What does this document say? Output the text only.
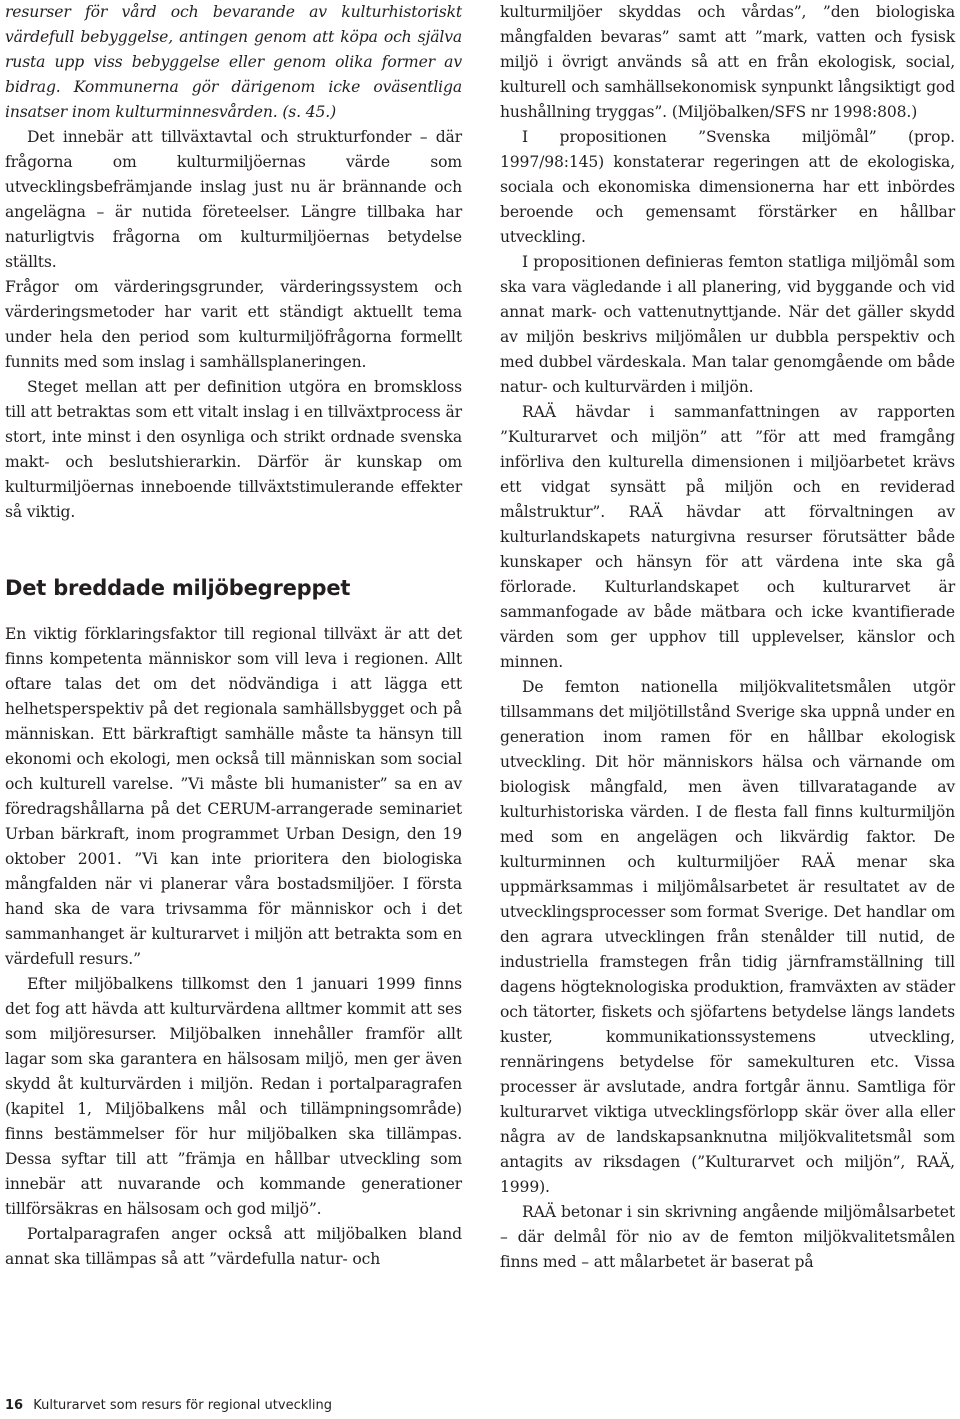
resurser för vård och bevarande av kulturhistoriskt värdefull bebyggelse, antingen genom att köpa och själva rusta upp viss bebyggelse eller genom olika former av bidrag. Kommunerna gör därigenom icke oväsentliga insatser inom kulturminnesvården. (s. 45.)

Det innebär att tillväxtavtal och strukturfonder – där frågorna om kulturmiljöernas värde som utvecklingsbefrämjande inslag just nu är brännande och angelägna – är nutida företeelser. Längre tillbaka har naturligtvis frågorna om kulturmiljöernas betydelse ställts.

Frågor om värderingsgrunder, värderingssystem och värderingsmetoder har varit ett ständigt aktuellt tema under hela den period som kulturmiljöfrågorna formellt funnits med som inslag i samhällsplaneringen.

Steget mellan att per definition utgöra en bromskloss till att betraktas som ett vitalt inslag i en tillväxtprocess är stort, inte minst i den osynliga och strikt ordnade svenska makt- och beslutshierarkin. Därför är kunskap om kulturmiljöernas inneboende tillväxtstimulerande effekter så viktig.

Det breddade miljöbegreppet

En viktig förklaringsfaktor till regional tillväxt är att det finns kompetenta människor som vill leva i regionen. Allt oftare talas det om det nödvändiga i att lägga ett helhetsperspektiv på det regionala samhällsbygget och på människan. Ett bärkraftigt samhälle måste ta hänsyn till ekonomi och ekologi, men också till människan som social och kulturell varelse. ”Vi måste bli humanister” sa en av föredragshållarna på det CERUM-arrangerade seminariet Urban bärkraft, inom programmet Urban Design, den 19 oktober 2001. ”Vi kan inte prioritera den biologiska mångfalden när vi planerar våra bostadsmiljöer. I första hand ska de vara trivsamma för människor och i det sammanhanget är kulturarvet i miljön att betrakta som en värdefull resurs.”

Efter miljöbalkens tillkomst den 1 januari 1999 finns det fog att hävda att kulturvärdena alltmer kommit att ses som miljöresurser. Miljöbalken innehåller framför allt lagar som ska garantera en hälsosam miljö, men ger även skydd åt kulturvärden i miljön. Redan i portalparagrafen (kapitel 1, Miljöbalkens mål och tillämpningsområde) finns bestämmelser för hur miljöbalken ska tillämpas. Dessa syftar till att ”främja en hållbar utveckling som innebär att nuvarande och kommande generationer tillförsäkras en hälsosam och god miljö”.

Portalparagrafen anger också att miljöbalken bland annat ska tillämpas så att ”värdefulla natur- och

kulturmiljöer skyddas och vårdas”, ”den biologiska mångfalden bevaras” samt att ”mark, vatten och fysisk miljö i övrigt används så att en från ekologisk, social, kulturell och samhällsekonomisk synpunkt långsiktigt god hushållning tryggas”. (Miljöbalken/SFS nr 1998:808.)

I propositionen ”Svenska miljömål” (prop. 1997/98:145) konstaterar regeringen att de ekologiska, sociala och ekonomiska dimensionerna har ett inbördes beroende och gemensamt förstärker en hållbar utveckling.

I propositionen definieras femton statliga miljömål som ska vara vägledande i all planering, vid byggande och vid annat mark- och vattenutnyttjande. När det gäller skydd av miljön beskrivs miljömålen ur dubbla perspektiv och med dubbel värdeskala. Man talar genomgående om både natur- och kulturvärden i miljön.

RAÄ hävdar i sammanfattningen av rapporten ”Kulturarvet och miljön” att ”för att med framgång införliva den kulturella dimensionen i miljöarbetet krävs ett vidgat synsätt på miljön och en reviderad målstruktur”. RAÄ hävdar att förvaltningen av kulturlandskapets naturgivna resurser förutsätter både kunskaper och hänsyn för att värdena inte ska gå förlorade. Kulturlandskapet och kulturarvet är sammanfogade av både mätbara och icke kvantifierade värden som ger upphov till upplevelser, känslor och minnen.

De femton nationella miljökvalitetsmålen utgör tillsammans det miljötillstånd Sverige ska uppnå under en generation inom ramen för en hållbar ekologisk utveckling. Dit hör människors hälsa och värnande om biologisk mångfald, men även tillvaratagande av kulturhistoriska värden. I de flesta fall finns kulturmiljön med som en angelägen och likvärdig faktor. De kulturminnen och kulturmiljöer RAÄ menar ska uppmärksammas i miljömålsarbetet är resultatet av de utvecklingsprocesser som format Sverige. Det handlar om den agrara utvecklingen från stenålder till nutid, de industriella framstegen från tidig järnframställning till dagens högteknologiska produktion, framväxten av städer och tätorter, fiskets och sjöfartens betydelse längs landets kuster, kommunikationssystemens utveckling, rennäringens betydelse för samekulturen etc. Vissa processer är avslutade, andra fortgår ännu. Samtliga för kulturarvet viktiga utvecklingsförlopp skär över alla eller några av de landskapsanknutna miljökvalitetsmål som antagits av riksdagen (”Kulturarvet och miljön”, RAÄ, 1999).

RAÄ betonar i sin skrivning angående miljömålsarbetet – där delmål för nio av de femton miljökvalitetsmålen finns med – att målarbetet är baserat på

16 Kulturarvet som resurs för regional utveckling
